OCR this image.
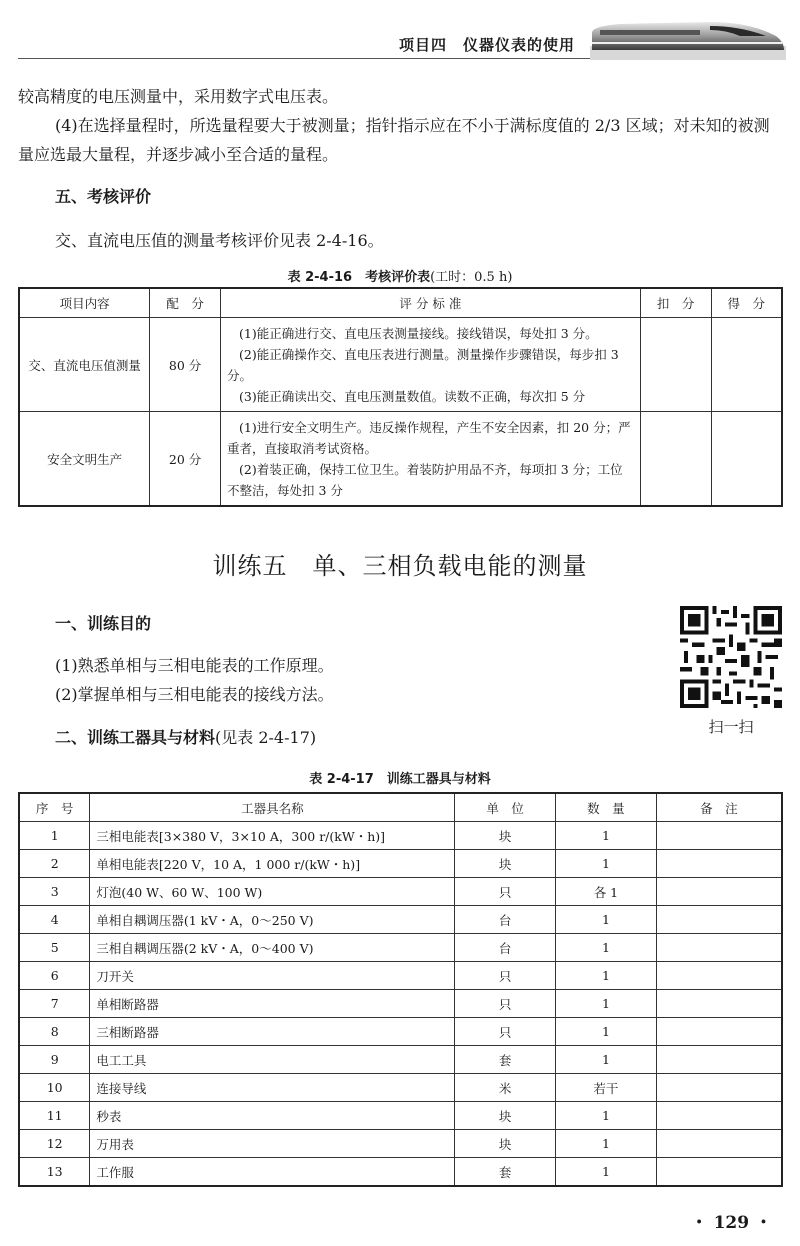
项目四　仪器仪表的使用

较高精度的电压测量中，采用数字式电压表。

(4)在选择量程时，所选量程要大于被测量；指针指示应在不小于满标度值的 2/3 区域；对未知的被测量应选最大量程，并逐步减小至合适的量程。

五、考核评价

交、直流电压值的测量考核评价见表 2-4-16。

表 2-4-16　考核评价表(工时：0.5 h)

项目内容	配　分	评 分 标 准	扣　分	得　分
交、直流电压值测量	80 分	(1)能正确进行交、直电压表测量接线。接线错误，每处扣 3 分。
(2)能正确操作交、直电压表进行测量。测量操作步骤错误，每步扣 3 分。
(3)能正确读出交、直电压测量数值。读数不正确，每次扣 5 分		

安全文明生产	20 分	(1)进行安全文明生产。违反操作规程，产生不安全因素，扣 20 分；严重者，直接取消考试资格。
(2)着装正确，保持工位卫生。着装防护用品不齐，每项扣 3 分；工位不整洁，每处扣 3 分		

训练五　单、三相负载电能的测量

一、训练目的

(1)熟悉单相与三相电能表的工作原理。

(2)掌握单相与三相电能表的接线方法。

二、训练工器具与材料(见表 2-4-17)

扫一扫

表 2-4-17　训练工器具与材料

序　号	工器具名称	单　位	数　量	备　注
1	三相电能表[3×380 V，3×10 A，300 r/(kW・h)]	块	1	
2	单相电能表[220 V，10 A，1 000 r/(kW・h)]	块	1	
3	灯泡(40 W、60 W、100 W)	只	各 1	
4	单相自耦调压器(1 kV・A，0～250 V)	台	1	
5	三相自耦调压器(2 kV・A，0～400 V)	台	1	
6	刀开关	只	1	
7	单相断路器	只	1	
8	三相断路器	只	1	
9	电工工具	套	1	
10	连接导线	米	若干	
11	秒表	块	1	
12	万用表	块	1	
13	工作服	套	1	

・ 129 ・
